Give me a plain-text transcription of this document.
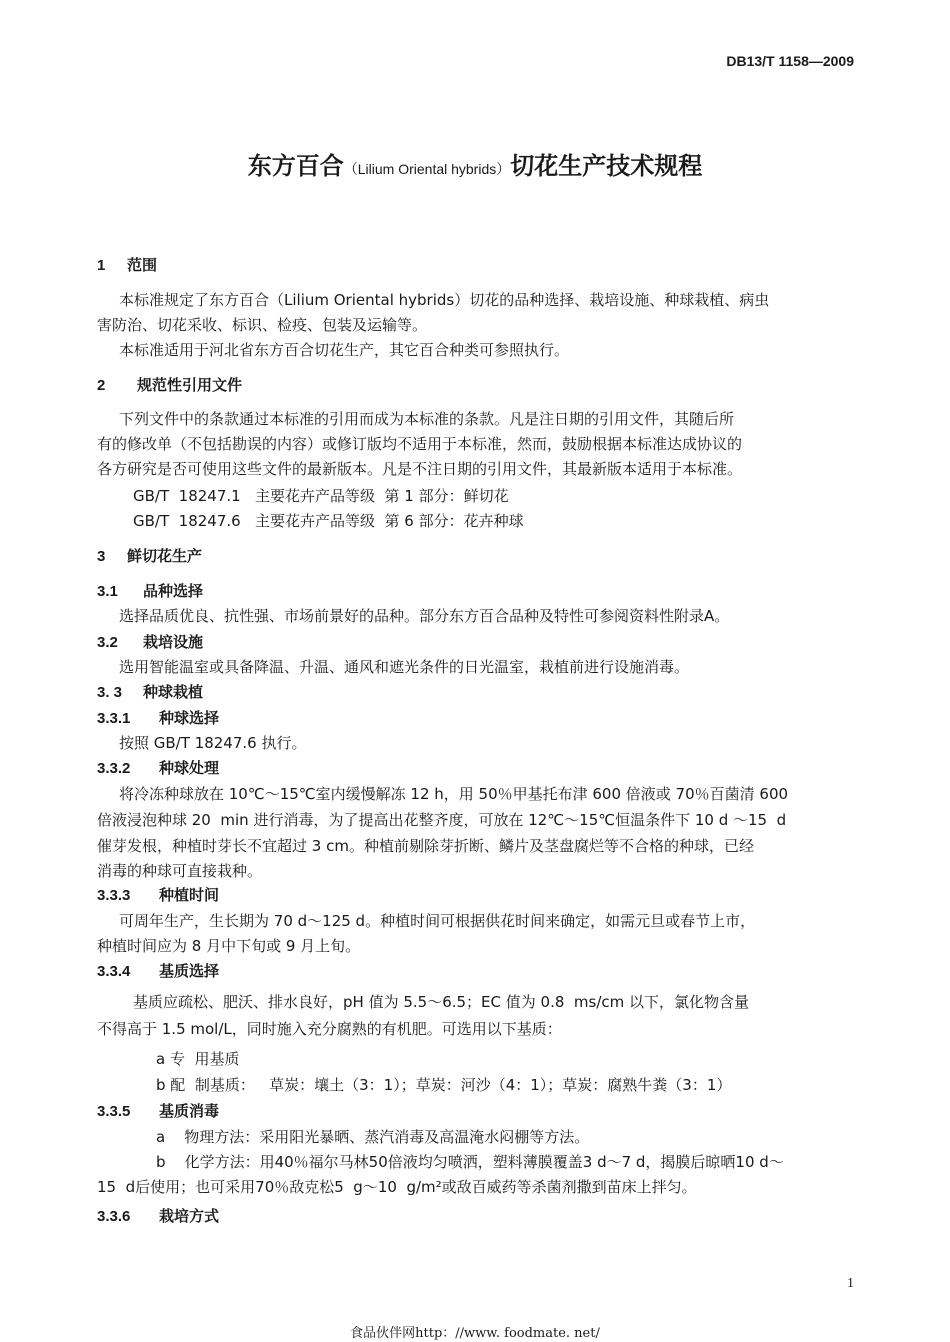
DB13/T 1158—2009
东方百合（Lilium Oriental hybrids）切花生产技术规程
1 范围
本标准规定了东方百合（Lilium Oriental hybrids）切花的品种选择、栽培设施、种球栽植、病虫
害防治、切花采收、标识、检疫、包装及运输等。
本标准适用于河北省东方百合切花生产，其它百合种类可参照执行。
2 规范性引用文件
下列文件中的条款通过本标准的引用而成为本标准的条款。凡是注日期的引用文件，其随后所
有的修改单（不包括勘误的内容）或修订版均不适用于本标准，然而，鼓励根据本标准达成协议的
各方研究是否可使用这些文件的最新版本。凡是不注日期的引用文件，其最新版本适用于本标准。
GB/T  18247.1   主要花卉产品等级  第 1 部分：鲜切花
GB/T  18247.6   主要花卉产品等级  第 6 部分：花卉种球
3 鲜切花生产
3.1 品种选择
选择品质优良、抗性强、市场前景好的品种。部分东方百合品种及特性可参阅资料性附录A。
3.2 栽培设施
选用智能温室或具备降温、升温、通风和遮光条件的日光温室，栽植前进行设施消毒。
3. 3 种球栽植
3.3.1 种球选择
按照 GB/T 18247.6 执行。
3.3.2 种球处理
将冷冻种球放在 10℃～15℃室内缓慢解冻 12 h，用 50％甲基托布津 600 倍液或 70％百菌清 600
倍液浸泡种球 20  min 进行消毒，为了提高出花整齐度，可放在 12℃～15℃恒温条件下 10 d ～15  d
催芽发根，种植时芽长不宜超过 3 cm。种植前剔除芽折断、鳞片及茎盘腐烂等不合格的种球，已经
消毒的种球可直接栽种。
3.3.3 种植时间
可周年生产，生长期为 70 d～125 d。种植时间可根据供花时间来确定，如需元旦或春节上市，
种植时间应为 8 月中下旬或 9 月上旬。
3.3.4 基质选择
基质应疏松、肥沃、排水良好，pH 值为 5.5～6.5；EC 值为 0.8  ms/cm 以下，氯化物含量
不得高于 1.5 mol/L，同时施入充分腐熟的有机肥。可选用以下基质：
a 专  用基质
b 配  制基质：   草炭：壤土（3：1）；草炭：河沙（4：1）；草炭：腐熟牛粪（3：1）
3.3.5 基质消毒
a    物理方法：采用阳光暴晒、蒸汽消毒及高温淹水闷棚等方法。
b    化学方法：用40％福尔马林50倍液均匀喷洒，塑料薄膜覆盖3 d～7 d，揭膜后晾晒10 d～
15  d后使用；也可采用70％敌克松5  g～10  g/m²或敌百威药等杀菌剂撒到苗床上拌匀。
3.3.6 栽培方式
1
食品伙伴网http：//www. foodmate. net/
